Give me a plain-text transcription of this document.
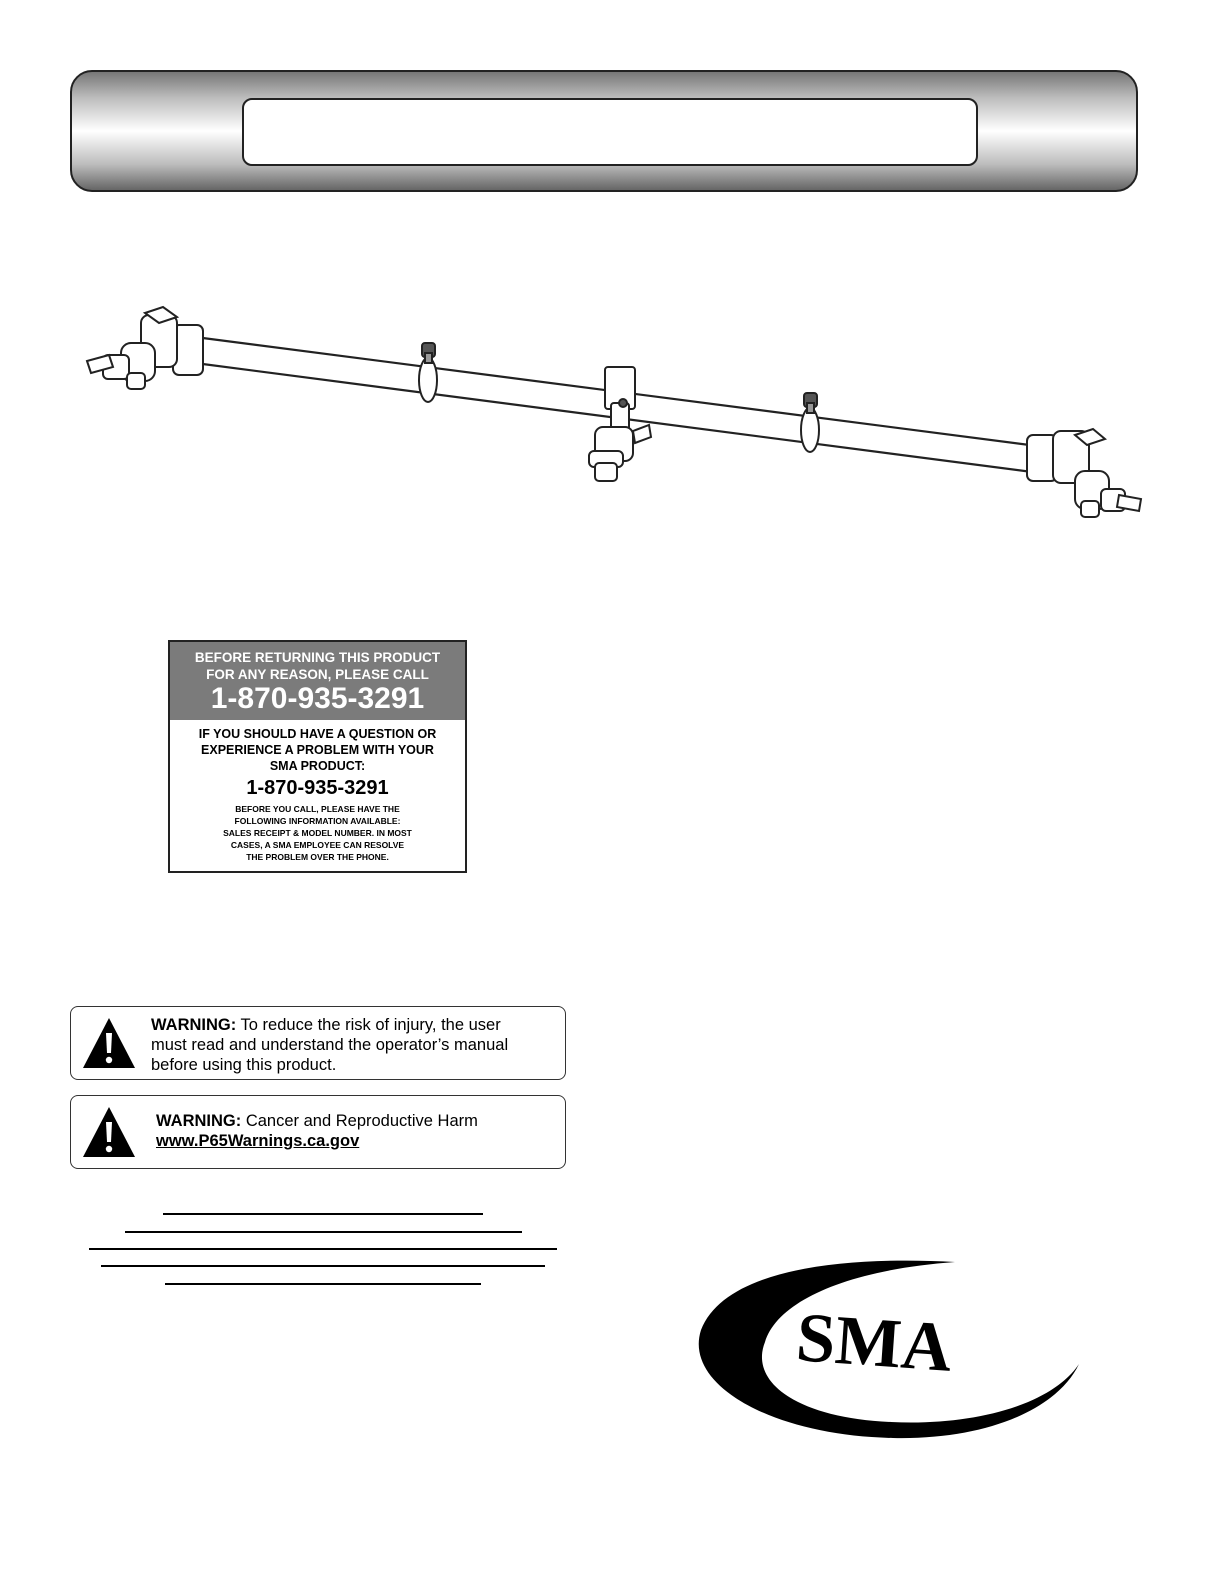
BEFORE RETURNING THIS PRODUCT
FOR ANY REASON, PLEASE CALL
1-870-935-3291
IF YOU SHOULD HAVE A QUESTION OR
EXPERIENCE A PROBLEM WITH YOUR
SMA PRODUCT:
1-870-935-3291
BEFORE YOU CALL, PLEASE HAVE THE
FOLLOWING INFORMATION AVAILABLE:
SALES RECEIPT & MODEL NUMBER. IN MOST
CASES, A SMA EMPLOYEE CAN RESOLVE
THE PROBLEM OVER THE PHONE.
WARNING: To reduce the risk of injury, the user
must read and understand the operator’s manual
before using this product.
WARNING: Cancer and Reproductive Harm
www.P65Warnings.ca.gov
SMA
